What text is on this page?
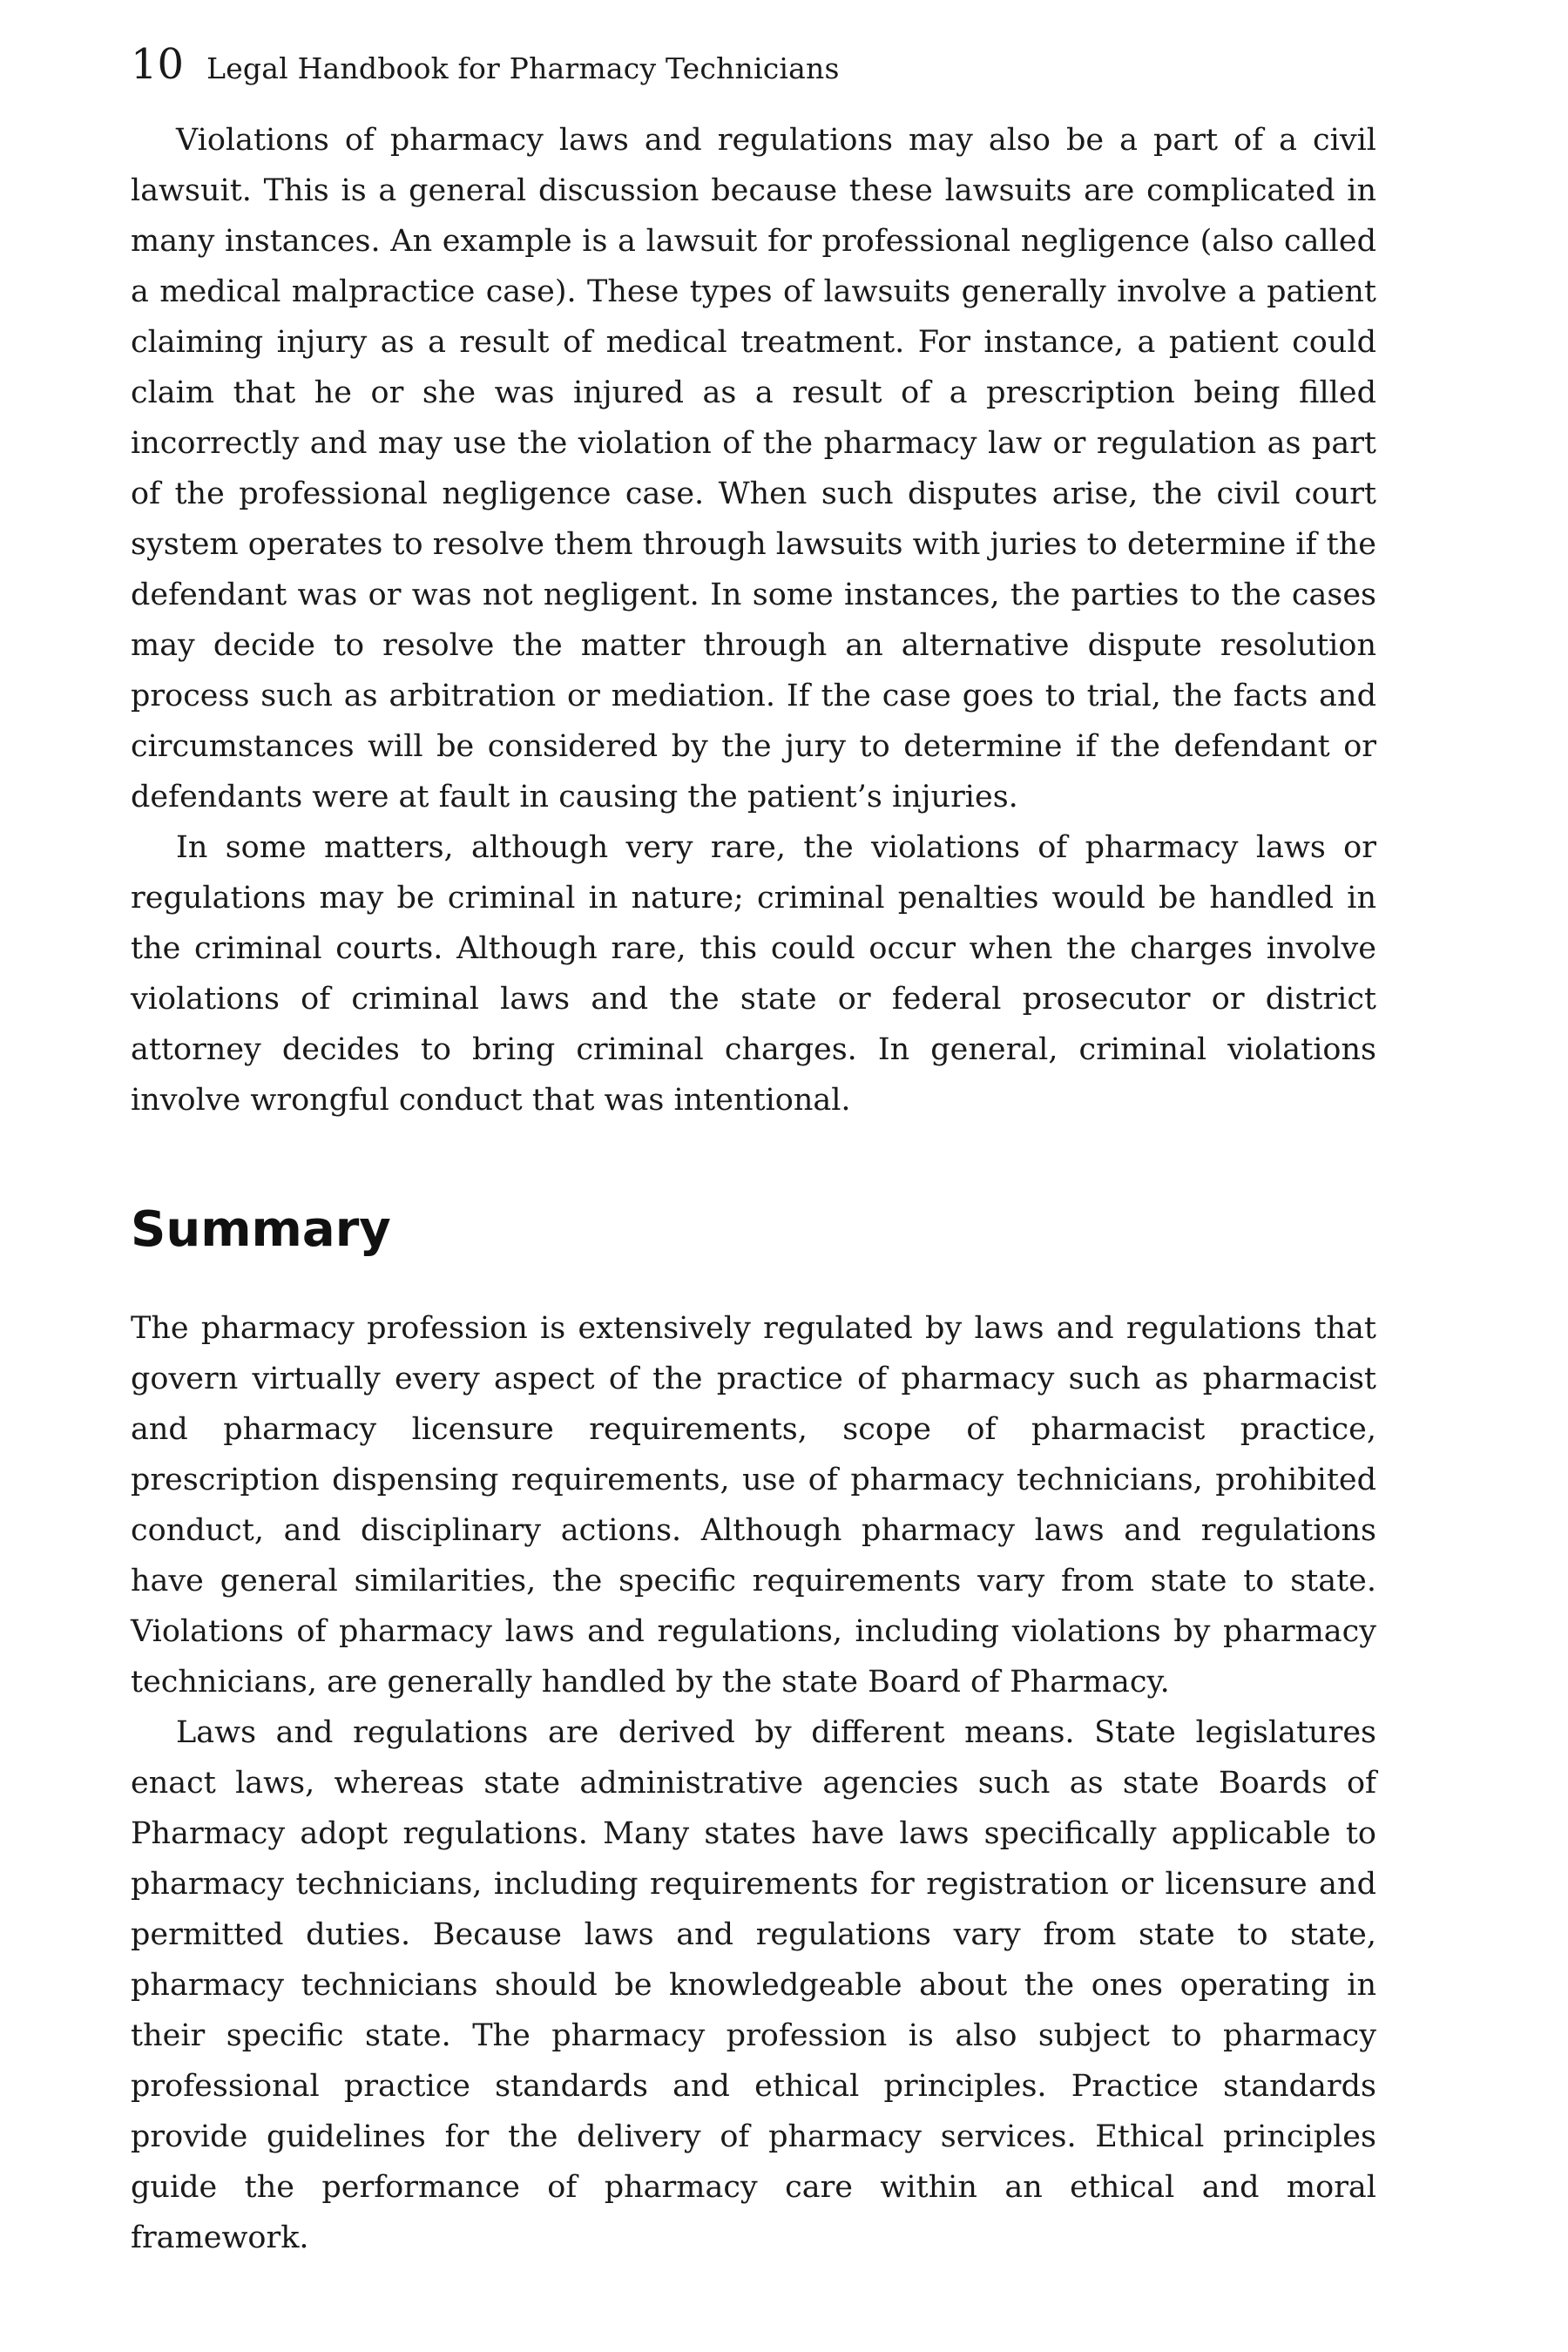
10 Legal Handbook for Pharmacy Technicians

Violations of pharmacy laws and regulations may also be a part of a civil lawsuit. This is a general discussion because these lawsuits are complicated in many instances. An example is a lawsuit for professional negligence (also called a medical malpractice case). These types of lawsuits generally involve a patient claiming injury as a result of medical treatment. For instance, a patient could claim that he or she was injured as a result of a prescription being filled incorrectly and may use the violation of the pharmacy law or regulation as part of the professional negligence case. When such disputes arise, the civil court system operates to resolve them through lawsuits with juries to determine if the defendant was or was not negligent. In some instances, the parties to the cases may decide to resolve the matter through an alternative dispute resolution process such as arbitration or mediation. If the case goes to trial, the facts and circumstances will be considered by the jury to determine if the defendant or defendants were at fault in causing the patient’s injuries.

In some matters, although very rare, the violations of pharmacy laws or regulations may be criminal in nature; criminal penalties would be handled in the criminal courts. Although rare, this could occur when the charges involve violations of criminal laws and the state or federal prosecutor or district attorney decides to bring criminal charges. In general, criminal violations involve wrongful conduct that was intentional.

Summary

The pharmacy profession is extensively regulated by laws and regulations that govern virtually every aspect of the practice of pharmacy such as pharmacist and pharmacy licensure requirements, scope of pharmacist practice, prescription dispensing requirements, use of pharmacy technicians, prohibited conduct, and disciplinary actions. Although pharmacy laws and regulations have general similarities, the specific requirements vary from state to state. Violations of pharmacy laws and regulations, including violations by pharmacy technicians, are generally handled by the state Board of Pharmacy.

Laws and regulations are derived by different means. State legislatures enact laws, whereas state administrative agencies such as state Boards of Pharmacy adopt regulations. Many states have laws specifically applicable to pharmacy technicians, including requirements for registration or licensure and permitted duties. Because laws and regulations vary from state to state, pharmacy technicians should be knowledgeable about the ones operating in their specific state. The pharmacy profession is also subject to pharmacy professional practice standards and ethical principles. Practice standards provide guidelines for the delivery of pharmacy services. Ethical principles guide the performance of pharmacy care within an ethical and moral framework.
